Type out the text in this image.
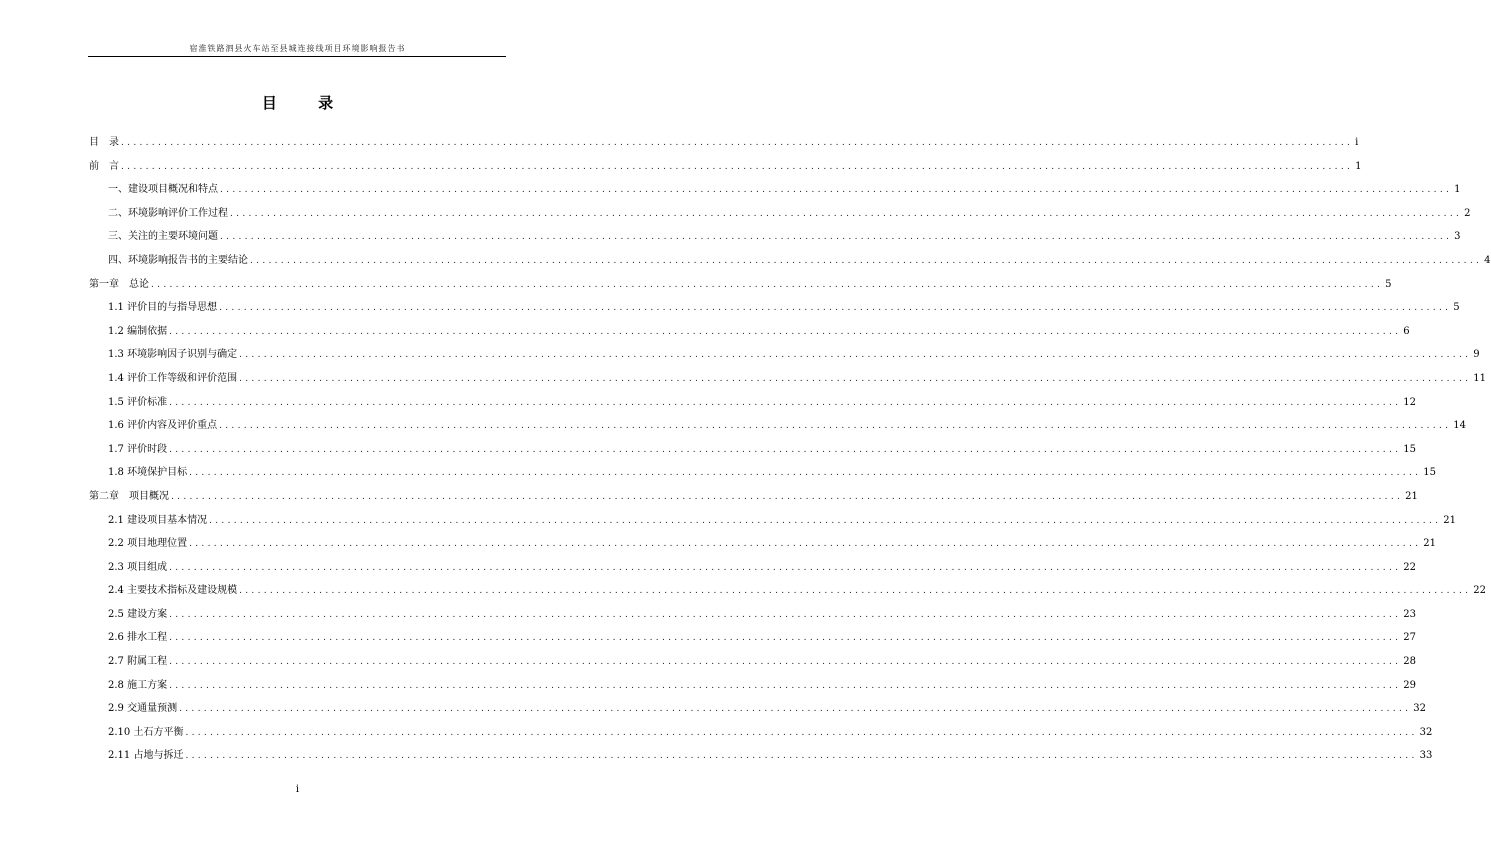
宿淮铁路泗县火车站至县城连接线项目环境影响报告书
目 录
目　录 ........................................................................................................................................................................................................ i
前　言 ........................................................................................................................................................................................................ 1
一、建设项目概况和特点 ........................................................................................................................................................................................................ 1
二、环境影响评价工作过程 ........................................................................................................................................................................................................ 2
三、关注的主要环境问题 ........................................................................................................................................................................................................ 3
四、环境影响报告书的主要结论 ........................................................................................................................................................................................................ 4
第一章　总论 ........................................................................................................................................................................................................ 5
1.1 评价目的与指导思想 ........................................................................................................................................................................................................ 5
1.2 编制依据 ........................................................................................................................................................................................................ 6
1.3 环境影响因子识别与确定 ........................................................................................................................................................................................................ 9
1.4 评价工作等级和评价范围 ........................................................................................................................................................................................................ 11
1.5 评价标准 ........................................................................................................................................................................................................ 12
1.6 评价内容及评价重点 ........................................................................................................................................................................................................ 14
1.7 评价时段 ........................................................................................................................................................................................................ 15
1.8 环境保护目标 ........................................................................................................................................................................................................ 15
第二章　项目概况 ........................................................................................................................................................................................................ 21
2.1 建设项目基本情况 ........................................................................................................................................................................................................ 21
2.2 项目地理位置 ........................................................................................................................................................................................................ 21
2.3 项目组成 ........................................................................................................................................................................................................ 22
2.4 主要技术指标及建设规模 ........................................................................................................................................................................................................ 22
2.5 建设方案 ........................................................................................................................................................................................................ 23
2.6 排水工程 ........................................................................................................................................................................................................ 27
2.7 附属工程 ........................................................................................................................................................................................................ 28
2.8 施工方案 ........................................................................................................................................................................................................ 29
2.9 交通量预测 ........................................................................................................................................................................................................ 32
2.10 土石方平衡 ........................................................................................................................................................................................................ 32
2.11 占地与拆迁 ........................................................................................................................................................................................................ 33
i
